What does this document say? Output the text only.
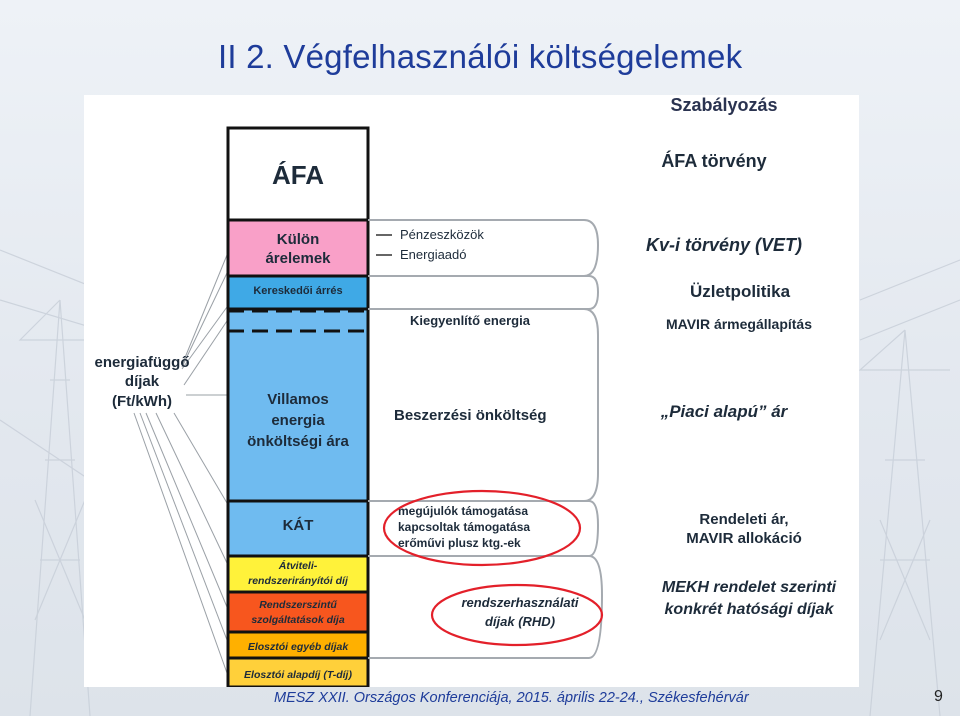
II 2. Végfelhasználói költségelemek
energiafüggő
díjak
(Ft/kWh)
ÁFA
Külön
árelemek
Kereskedői árrés
Villamos
energia
önköltségi ára
KÁT
Átviteli-
rendszerirányítói díj
Rendszerszintű
szolgáltatások díja
Elosztói egyéb díjak
Elosztói alapdíj (T-díj)
Pénzeszközök
Energiaadó
Kiegyenlítő energia
Beszerzési önköltség
megújulók támogatása
kapcsoltak támogatása
erőművi plusz ktg.-ek
rendszerhasználati
díjak (RHD)
Szabályozás
ÁFA törvény
Kv-i törvény (VET)
Üzletpolitika
MAVIR ármegállapítás
„Piaci alapú” ár
Rendeleti ár,
MAVIR allokáció
MEKH rendelet szerinti
konkrét hatósági díjak
MESZ XXII. Országos Konferenciája, 2015. április 22-24., Székesfehérvár	9
